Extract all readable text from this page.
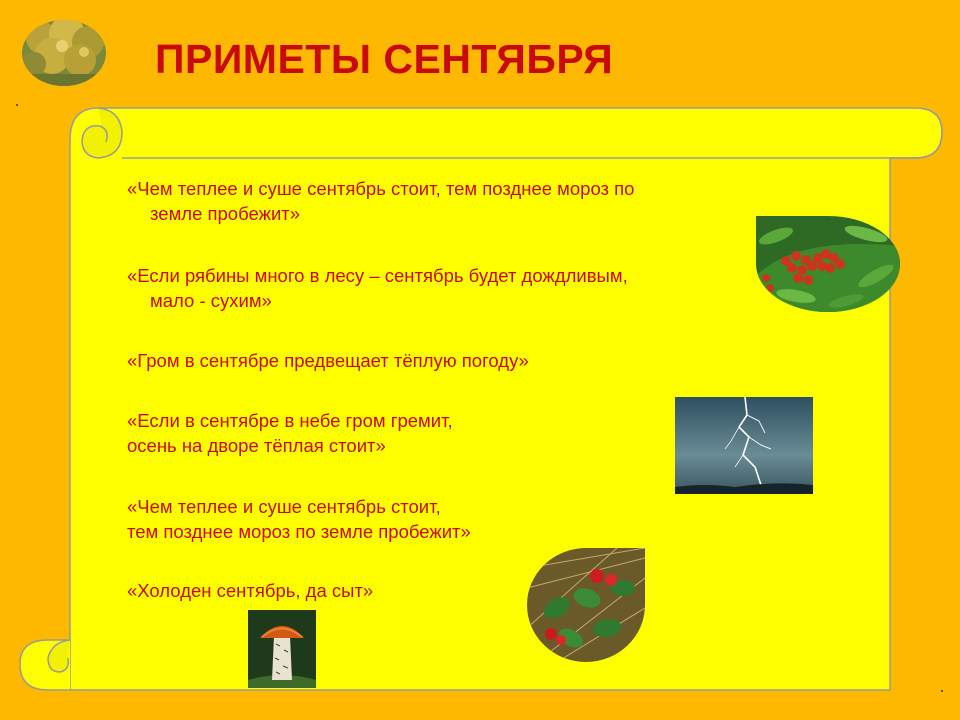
ПРИМЕТЫ СЕНТЯБРЯ
«Чем теплее и суше сентябрь стоит, тем позднее мороз по
земле пробежит»
«Если рябины много в лесу – сентябрь будет дождливым,
мало - сухим»
«Гром в сентябре предвещает тёплую погоду»
«Если в сентябре в небе гром гремит,
осень на дворе тёплая стоит»
«Чем теплее и суше сентябрь стоит,
тем позднее мороз по земле пробежит»
«Холоден сентябрь, да сыт»
